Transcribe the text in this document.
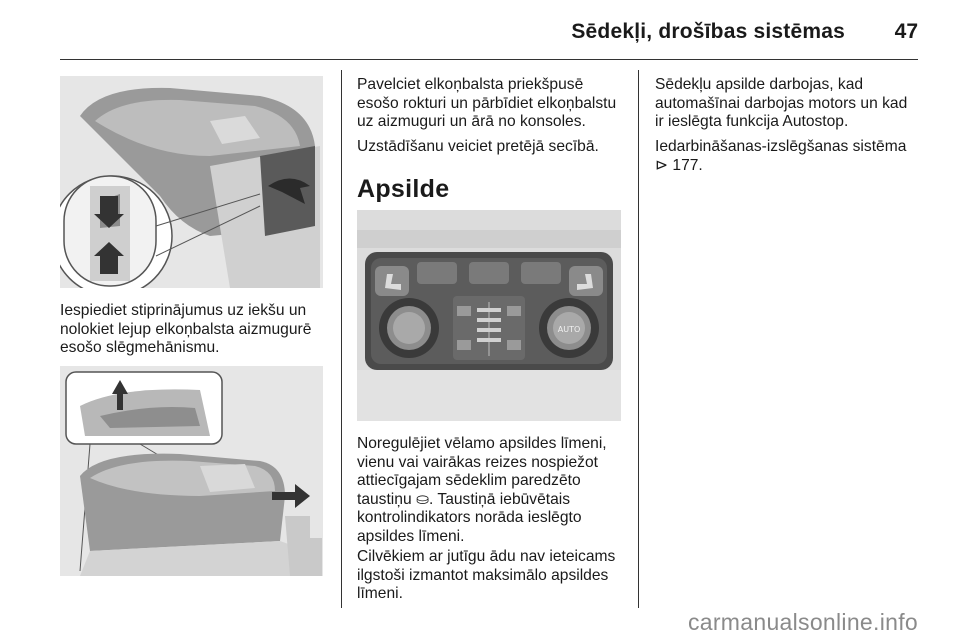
Sēdekļi, drošības sistēmas 47

Iespiediet stiprinājumus uz iekšu un
nolokiet lejup elkoņbalsta aizmugurē
esošo slēgmehānismu.

Pavelciet elkoņbalsta priekšpusē
esošo rokturi un pārbīdiet elkoņbalstu
uz aizmuguri un ārā no konsoles.

Uzstādīšanu veiciet pretējā secībā.

Apsilde
AUTO

Noregulējiet vēlamo apsildes līmeni,
vienu vai vairākas reizes nospiežot
attiecīgajam sēdeklim paredzēto
taustiņu ⛀. Taustiņā iebūvētais
kontrolindikators norāda ieslēgto
apsildes līmeni.

Cilvēkiem ar jutīgu ādu nav ieteicams
ilgstoši izmantot maksimālo apsildes
līmeni.

Sēdekļu apsilde darbojas, kad
automašīnai darbojas motors un kad
ir ieslēgta funkcija Autostop.

Iedarbināšanas-izslēgšanas sistēma
⊳ 177.

carmanualsonline.info
